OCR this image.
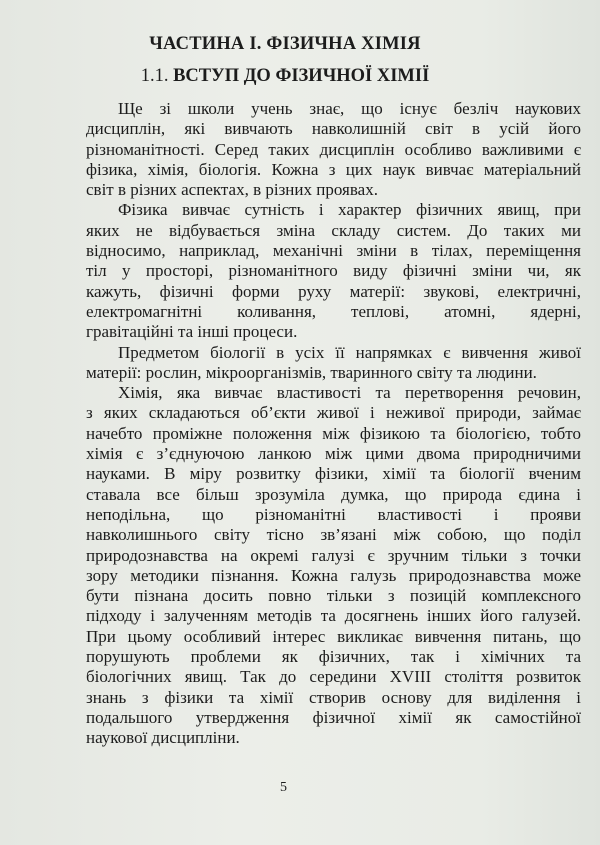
ЧАСТИНА І. ФІЗИЧНА ХІМІЯ
1.1. ВСТУП ДО ФІЗИЧНОЇ ХІМІЇ
Ще зі школи учень знає, що існує безліч наукових
дисциплін, які вивчають навколишній світ в усій його
різноманітності. Серед таких дисциплін особливо важливими є
фізика, хімія, біологія. Кожна з цих наук вивчає матеріальний
світ в різних аспектах, в різних проявах.
Фізика вивчає сутність і характер фізичних явищ, при
яких не відбувається зміна складу систем. До таких ми
відносимо, наприклад, механічні зміни в тілах, переміщення
тіл у просторі, різноманітного виду фізичні зміни чи, як
кажуть, фізичні форми руху матерії: звукові, електричні,
електромагнітні коливання, теплові, атомні, ядерні,
гравітаційні та інші процеси.
Предметом біології в усіх її напрямках є вивчення живої
матерії: рослин, мікроорганізмів, тваринного світу та людини.
Хімія, яка вивчає властивості та перетворення речовин,
з яких складаються об’єкти живої і неживої природи, займає
начебто проміжне положення між фізикою та біологією, тобто
хімія є з’єднуючою ланкою між цими двома природничими
науками. В міру розвитку фізики, хімії та біології вченим
ставала все більш зрозуміла думка, що природа єдина і
неподільна, що різноманітні властивості і прояви
навколишнього світу тісно зв’язані між собою, що поділ
природознавства на окремі галузі є зручним тільки з точки
зору методики пізнання. Кожна галузь природознавства може
бути пізнана досить повно тільки з позицій комплексного
підходу і залученням методів та досягнень інших його галузей.
При цьому особливий інтерес викликає вивчення питань, що
порушують проблеми як фізичних, так і хімічних та
біологічних явищ. Так до середини XVIII століття розвиток
знань з фізики та хімії створив основу для виділення і
подальшого утвердження фізичної хімії як самостійної
наукової дисципліни.
5
